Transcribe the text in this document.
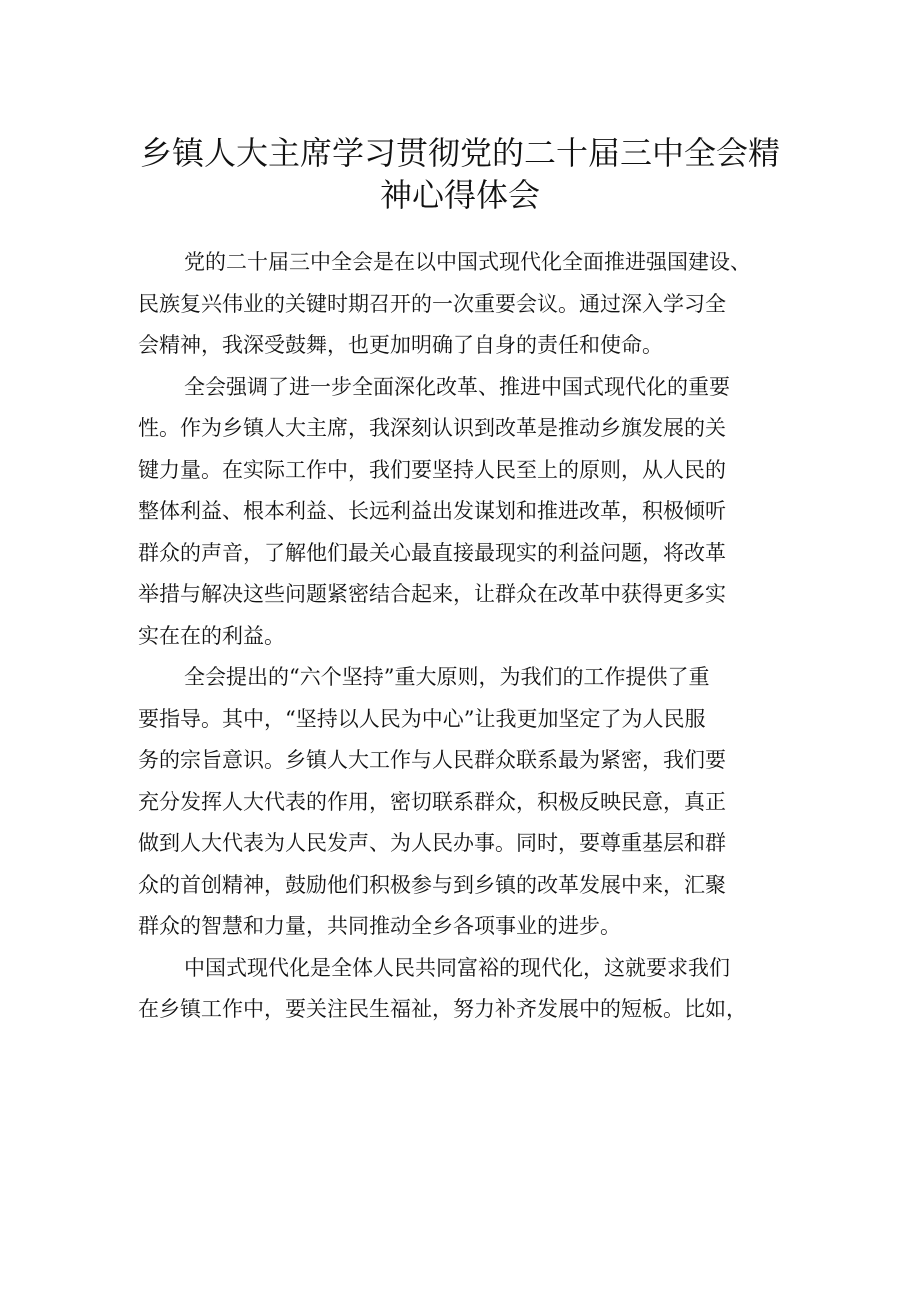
乡镇人大主席学习贯彻党的二十届三中全会精
神心得体会
党的二十届三中全会是在以中国式现代化全面推进强国建设、
民族复兴伟业的关键时期召开的一次重要会议。通过深入学习全
会精神，我深受鼓舞，也更加明确了自身的责任和使命。
全会强调了进一步全面深化改革、推进中国式现代化的重要
性。作为乡镇人大主席，我深刻认识到改革是推动乡旗发展的关
键力量。在实际工作中，我们要坚持人民至上的原则，从人民的
整体利益、根本利益、长远利益出发谋划和推进改革，积极倾听
群众的声音，了解他们最关心最直接最现实的利益问题，将改革
举措与解决这些问题紧密结合起来，让群众在改革中获得更多实
实在在的利益。
全会提出的“六个坚持”重大原则，为我们的工作提供了重
要指导。其中，“坚持以人民为中心”让我更加坚定了为人民服
务的宗旨意识。乡镇人大工作与人民群众联系最为紧密，我们要
充分发挥人大代表的作用，密切联系群众，积极反映民意，真正
做到人大代表为人民发声、为人民办事。同时，要尊重基层和群
众的首创精神，鼓励他们积极参与到乡镇的改革发展中来，汇聚
群众的智慧和力量，共同推动全乡各项事业的进步。
中国式现代化是全体人民共同富裕的现代化，这就要求我们
在乡镇工作中，要关注民生福祉，努力补齐发展中的短板。比如，
